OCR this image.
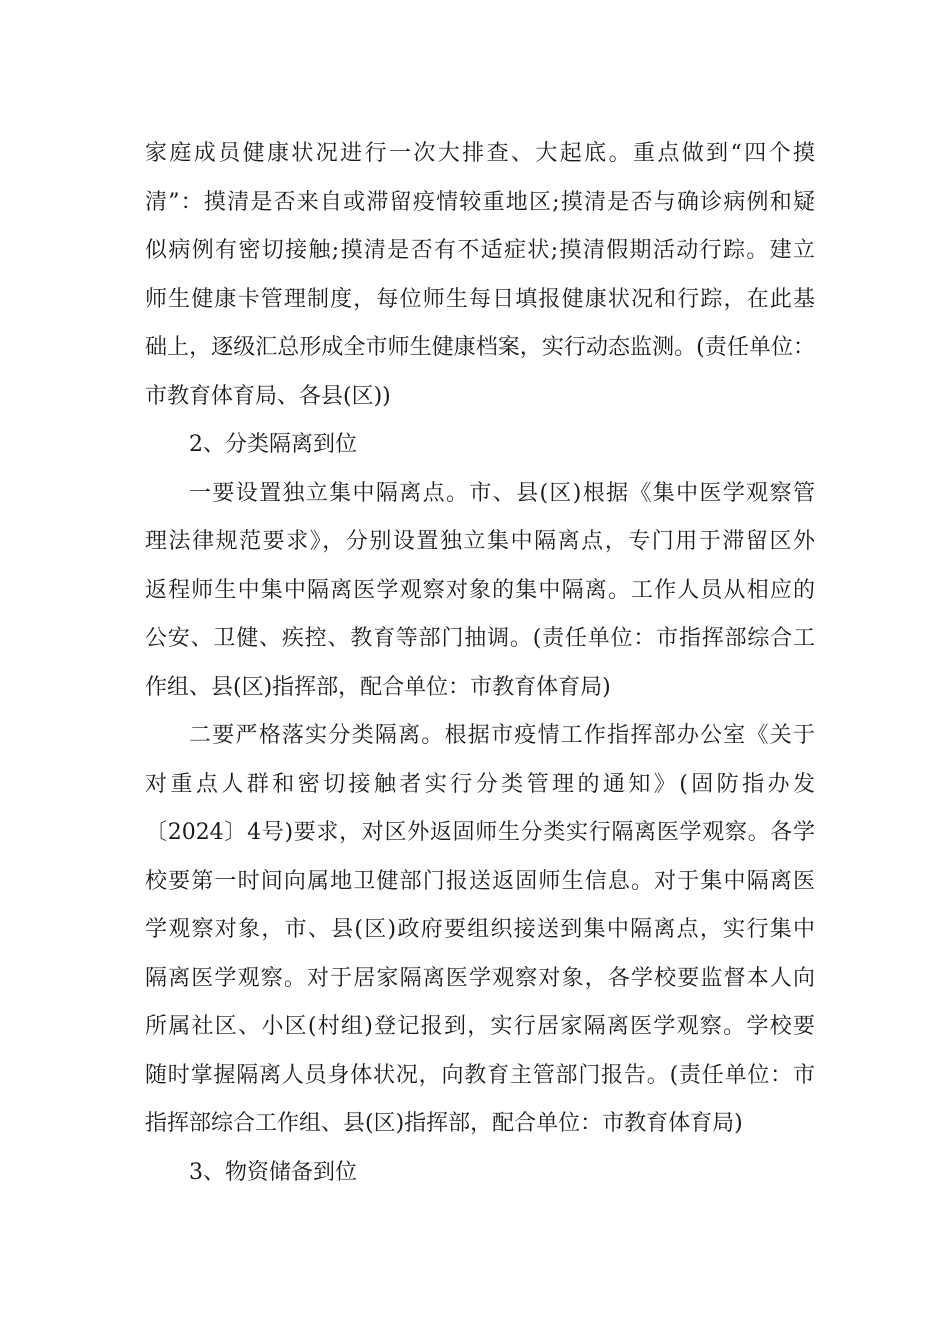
家庭成员健康状况进行一次大排查、大起底。重点做到“四个摸
清”：摸清是否来自或滞留疫情较重地区;摸清是否与确诊病例和疑
似病例有密切接触;摸清是否有不适症状;摸清假期活动行踪。建立
师生健康卡管理制度，每位师生每日填报健康状况和行踪，在此基
础上，逐级汇总形成全市师生健康档案，实行动态监测。(责任单位：
市教育体育局、各县(区))
2、分类隔离到位
一要设置独立集中隔离点。市、县(区)根据《集中医学观察管
理法律规范要求》，分别设置独立集中隔离点，专门用于滞留区外
返程师生中集中隔离医学观察对象的集中隔离。工作人员从相应的
公安、卫健、疾控、教育等部门抽调。(责任单位：市指挥部综合工
作组、县(区)指挥部，配合单位：市教育体育局)
二要严格落实分类隔离。根据市疫情工作指挥部办公室《关于
对重点人群和密切接触者实行分类管理的通知》(固防指办发
〔2024〕4号)要求，对区外返固师生分类实行隔离医学观察。各学
校要第一时间向属地卫健部门报送返固师生信息。对于集中隔离医
学观察对象，市、县(区)政府要组织接送到集中隔离点，实行集中
隔离医学观察。对于居家隔离医学观察对象，各学校要监督本人向
所属社区、小区(村组)登记报到，实行居家隔离医学观察。学校要
随时掌握隔离人员身体状况，向教育主管部门报告。(责任单位：市
指挥部综合工作组、县(区)指挥部，配合单位：市教育体育局)
3、物资储备到位
